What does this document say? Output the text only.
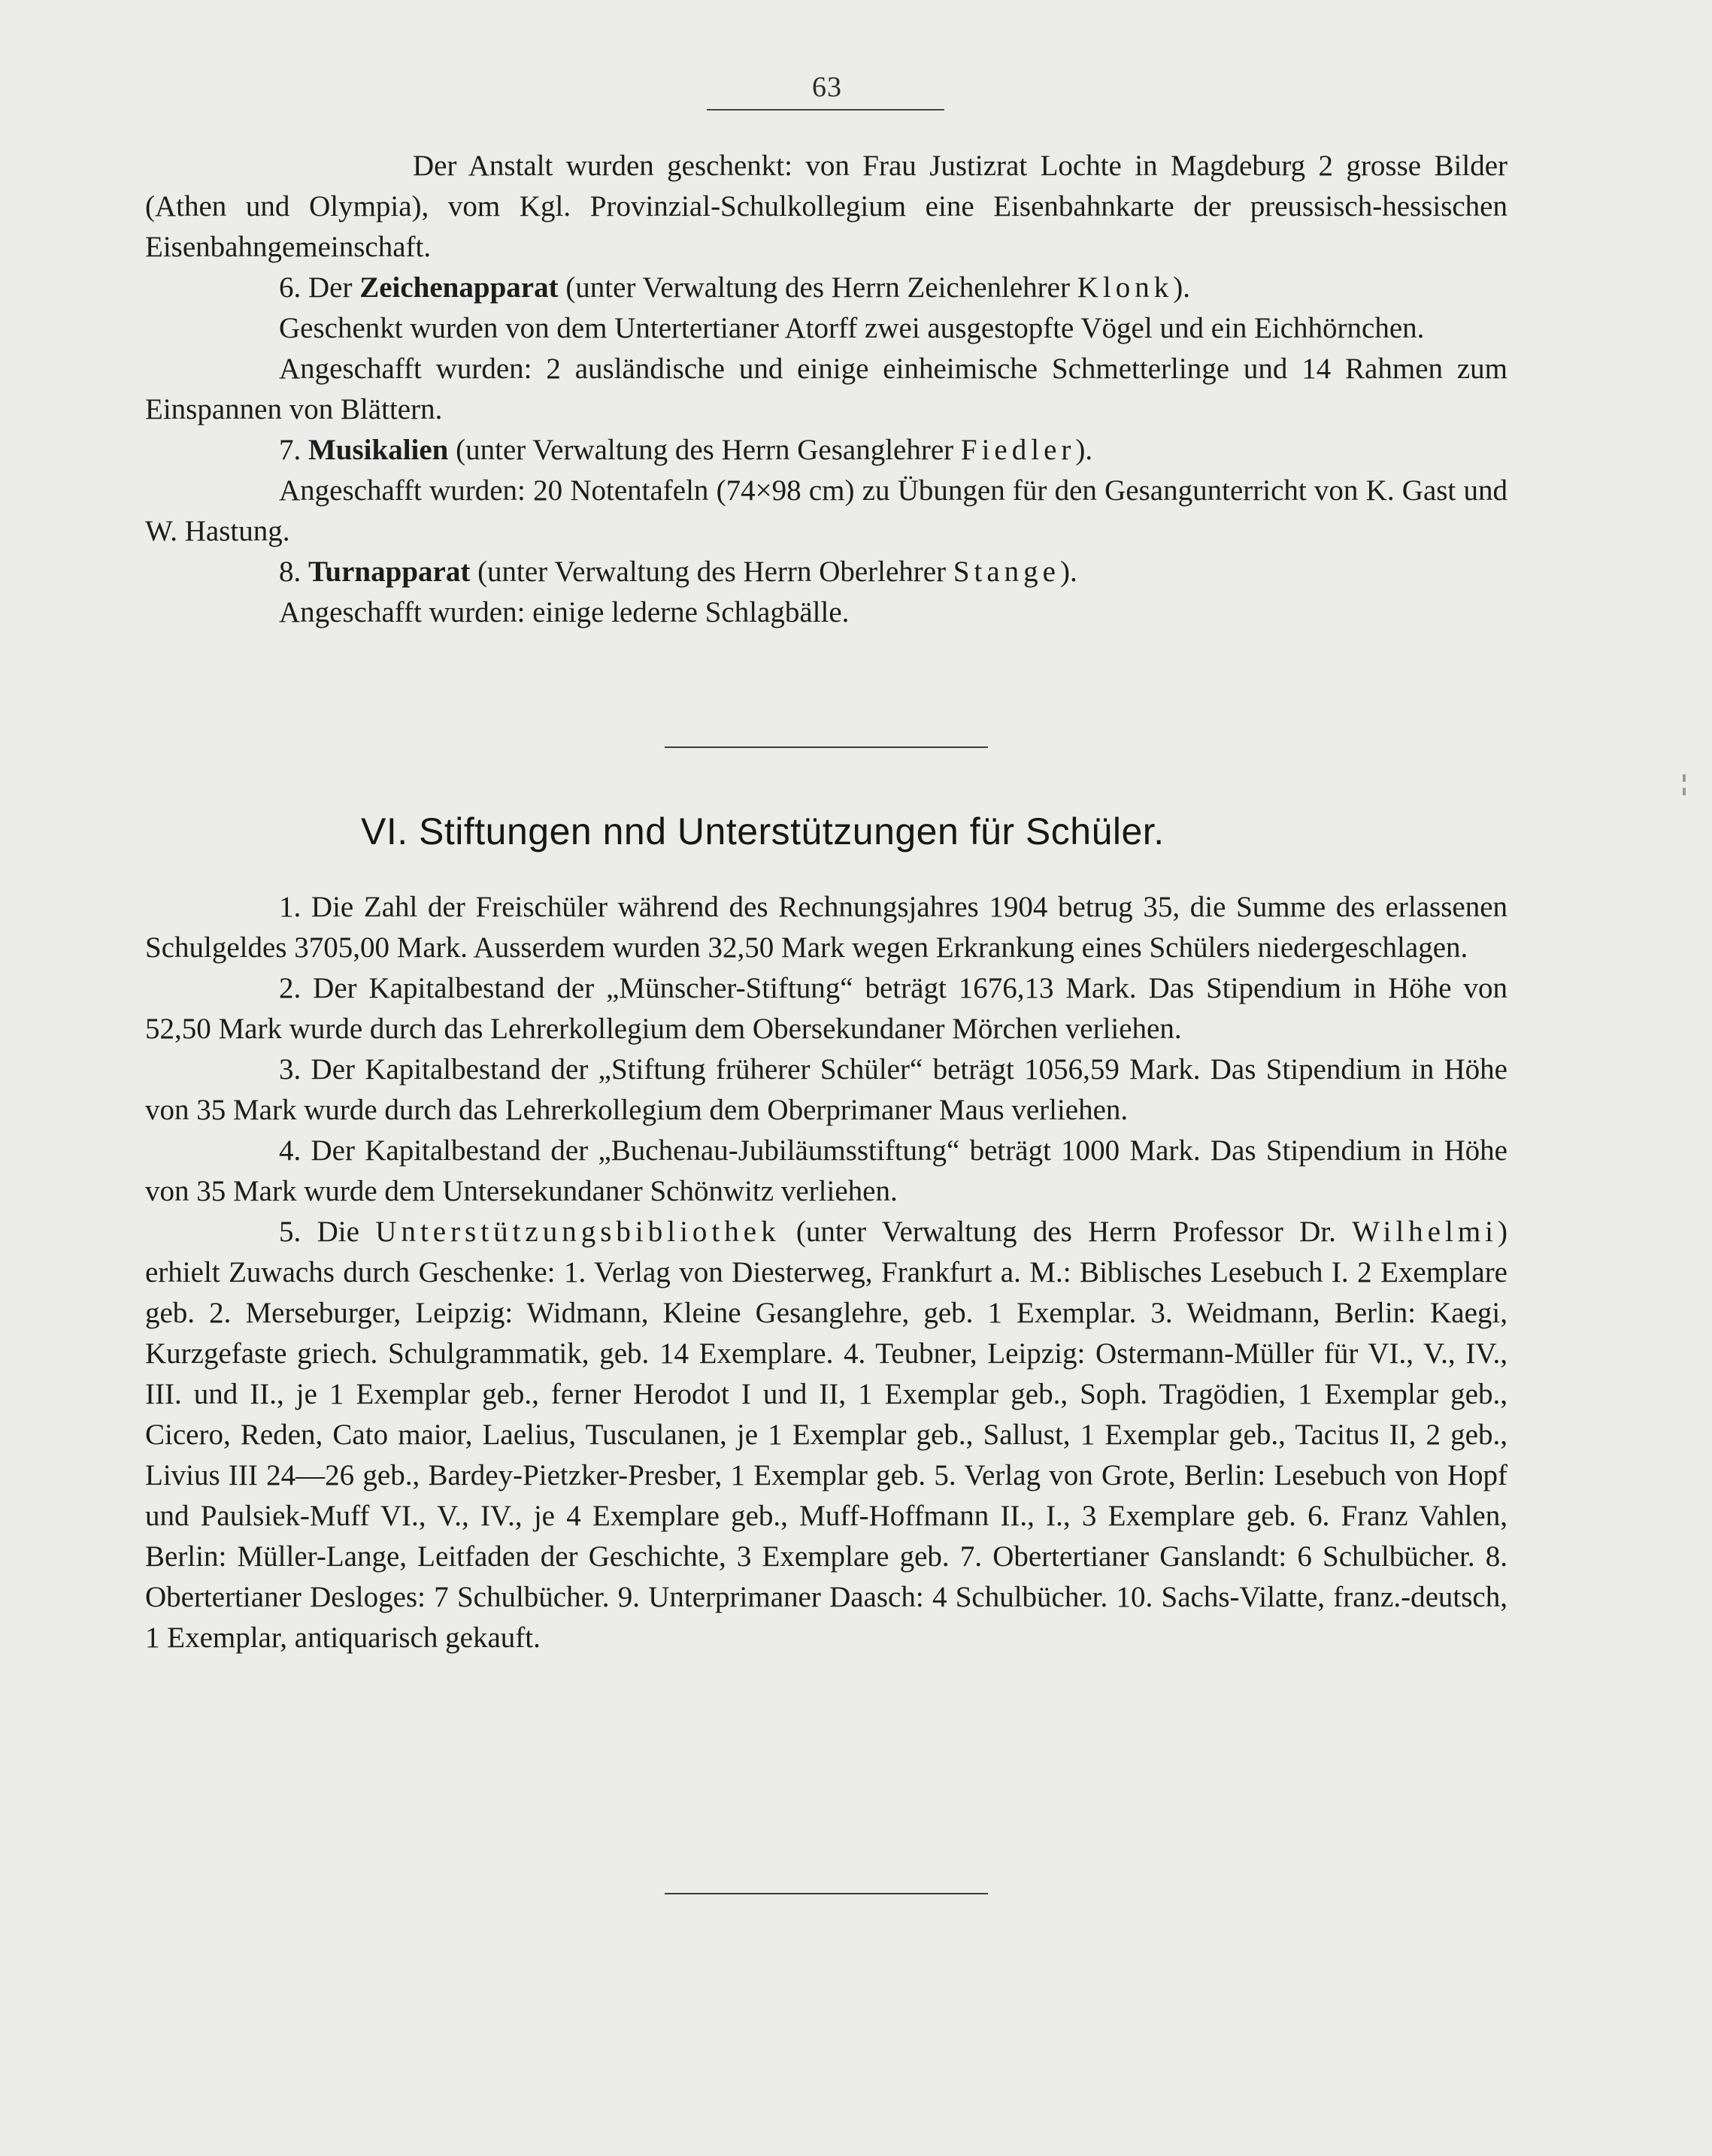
63

Der Anstalt wurden geschenkt: von Frau Justizrat Lochte in Magdeburg 2 grosse Bilder (Athen und Olympia), vom Kgl. Provinzial-Schulkollegium eine Eisenbahnkarte der preussisch-hessischen Eisenbahngemeinschaft.

6. Der Zeichenapparat (unter Verwaltung des Herrn Zeichenlehrer Klonk).

Geschenkt wurden von dem Untertertianer Atorff zwei ausgestopfte Vögel und ein Eichhörnchen.

Angeschafft wurden: 2 ausländische und einige einheimische Schmetterlinge und 14 Rahmen zum Einspannen von Blättern.

7. Musikalien (unter Verwaltung des Herrn Gesanglehrer Fiedler).

Angeschafft wurden: 20 Notentafeln (74×98 cm) zu Übungen für den Gesangunterricht von K. Gast und W. Hastung.

8. Turnapparat (unter Verwaltung des Herrn Oberlehrer Stange).

Angeschafft wurden: einige lederne Schlagbälle.

VI. Stiftungen nnd Unterstützungen für Schüler.

1. Die Zahl der Freischüler während des Rechnungsjahres 1904 betrug 35, die Summe des erlassenen Schulgeldes 3705,00 Mark. Ausserdem wurden 32,50 Mark wegen Erkrankung eines Schülers niedergeschlagen.

2. Der Kapitalbestand der „Münscher-Stiftung“ beträgt 1676,13 Mark. Das Stipendium in Höhe von 52,50 Mark wurde durch das Lehrerkollegium dem Obersekundaner Mörchen verliehen.

3. Der Kapitalbestand der „Stiftung früherer Schüler“ beträgt 1056,59 Mark. Das Stipendium in Höhe von 35 Mark wurde durch das Lehrerkollegium dem Oberprimaner Maus verliehen.

4. Der Kapitalbestand der „Buchenau-Jubiläumsstiftung“ beträgt 1000 Mark. Das Stipendium in Höhe von 35 Mark wurde dem Untersekundaner Schönwitz verliehen.

5. Die Unterstützungsbibliothek (unter Verwaltung des Herrn Professor Dr. Wilhelmi) erhielt Zuwachs durch Geschenke: 1. Verlag von Diesterweg, Frankfurt a. M.: Biblisches Lesebuch I. 2 Exemplare geb. 2. Merseburger, Leipzig: Widmann, Kleine Gesanglehre, geb. 1 Exemplar. 3. Weidmann, Berlin: Kaegi, Kurzgefaste griech. Schulgrammatik, geb. 14 Exemplare. 4. Teubner, Leipzig: Ostermann-Müller für VI., V., IV., III. und II., je 1 Exemplar geb., ferner Herodot I und II, 1 Exemplar geb., Soph. Tragödien, 1 Exemplar geb., Cicero, Reden, Cato maior, Laelius, Tusculanen, je 1 Exemplar geb., Sallust, 1 Exemplar geb., Tacitus II, 2 geb., Livius III 24—26 geb., Bardey-Pietzker-Presber, 1 Exemplar geb. 5. Verlag von Grote, Berlin: Lesebuch von Hopf und Paulsiek-Muff VI., V., IV., je 4 Exemplare geb., Muff-Hoffmann II., I., 3 Exemplare geb. 6. Franz Vahlen, Berlin: Müller-Lange, Leitfaden der Geschichte, 3 Exemplare geb. 7. Obertertianer Ganslandt: 6 Schulbücher. 8. Obertertianer Desloges: 7 Schulbücher. 9. Unterprimaner Daasch: 4 Schulbücher. 10. Sachs-Vilatte, franz.-deutsch, 1 Exemplar, antiquarisch gekauft.
